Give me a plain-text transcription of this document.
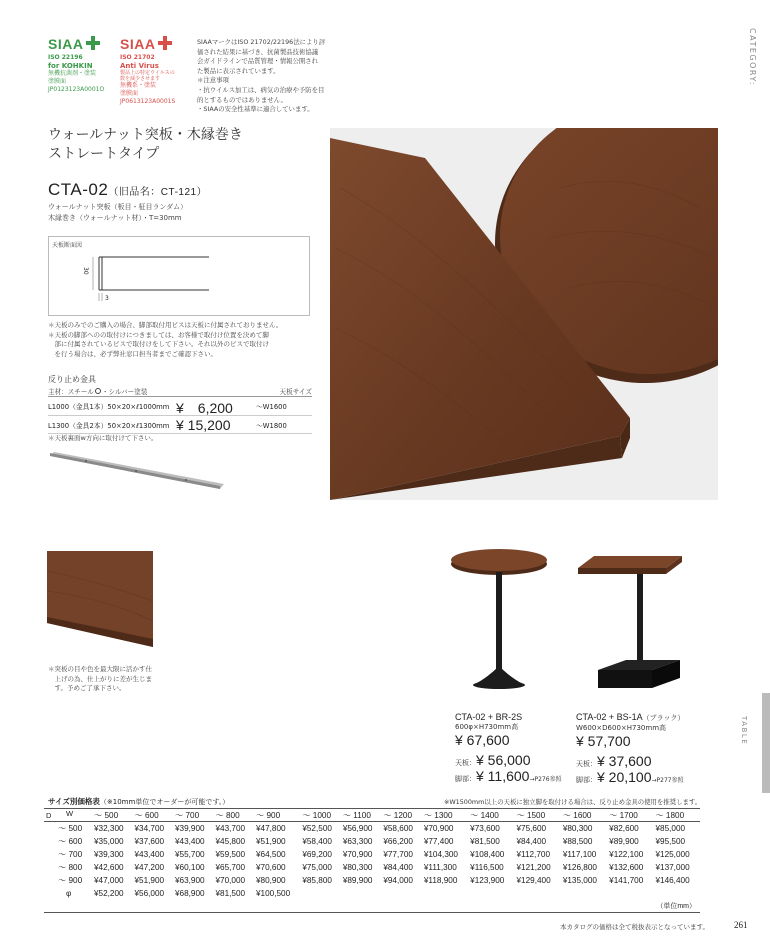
SIAA
ISO 22196
for KOHKIN
無機抗菌剤・塗装
塗膜面
JP0123123A0001O
SIAA
ISO 21702
Anti Virus
製品上の特定ウイルスの
数を減少させます
無機系・塗装
塗膜面
JP0613123A0001S
SIAAマークはISO 21702/22196法により評
価された結果に基づき、抗菌製品技術協議
会ガイドラインで品質管理・情報公開され
た製品に表示されています。
＊注意事項
・抗ウイルス加工は、病気の治療や予防を目
的とするものではありません。
・SIAAの安全性基準に適合しています。
CATEGORY:
ウォールナット突板・木縁巻き
ストレートタイプ
CTA-02（旧品名：CT-121）
ウォールナット突板（板目・柾目ランダム）
木縁巻き（ウォールナット材）・T=30mm
天板断面図
30
3
＊天板のみでのご購入の場合、脚部取付用ビスは天板に付属されておりません。
＊天板の脚部へのの取付けにつきましては、お客様で取付け位置を決めて脚
　部に付属されているビスで取付けをして下さい。それ以外のビスで取付け
　を行う場合は、必ず弊社窓口担当者までご確認下さい。
反り止め金具
主材：スチール ・シルバー塗装	天板サイズ
L1000（金具1本）50×20×ℓ1000mm ¥　6,200	～W1600
L1300（金具2本）50×20×ℓ1300mm ¥ 15,200	～W1800
＊天板裏面w方向に取付けて下さい。
＊突板の目や色を最大限に活かす仕
　上げの為、仕上がりに差が生じま
　す。予めご了承下さい。
CTA-02 + BR-2S
600φ×H730mm高
¥ 67,600
天板：¥ 56,000
脚部：¥ 11,600→P276参照
CTA-02 + BS-1A（ブラック）
W600×D600×H730mm高
¥ 57,700
天板：¥ 37,600
脚部：¥ 20,100→P277参照
TABLE
サイズ別価格表（※10mm単位でオーダーが可能です。）	※W1500mm以上の天板に独立脚を取付ける場合は、反り止め金具の使用を推奨します。
D W	～ 500	～ 600	～ 700	～ 800	～ 900	～ 1000	～ 1100	～ 1200	～ 1300	～ 1400	～ 1500	～ 1600	～ 1700	～ 1800
～ 500	¥32,300	¥34,700	¥39,900	¥43,700	¥47,800	¥52,500	¥56,900	¥58,600	¥70,900	¥73,600	¥75,600	¥80,300	¥82,600	¥85,000
～ 600	¥35,000	¥37,600	¥43,400	¥45,800	¥51,900	¥58,400	¥63,300	¥66,200	¥77,400	¥81,500	¥84,400	¥88,500	¥89,900	¥95,500
～ 700	¥39,300	¥43,400	¥55,700	¥59,500	¥64,500	¥69,200	¥70,900	¥77,700	¥104,300	¥108,400	¥112,700	¥117,100	¥122,100	¥125,000
～ 800	¥42,600	¥47,200	¥60,100	¥65,700	¥70,600	¥75,000	¥80,300	¥84,400	¥111,300	¥116,500	¥121,200	¥126,800	¥132,600	¥137,000
～ 900	¥47,000	¥51,900	¥63,900	¥70,000	¥80,900	¥85,800	¥89,900	¥94,000	¥118,900	¥123,900	¥129,400	¥135,000	¥141,700	¥146,400
φ	¥52,200	¥56,000	¥68,900	¥81,500	¥100,500									
（単位mm）														
本カタログの価格は全て税抜表示となっています。	261
